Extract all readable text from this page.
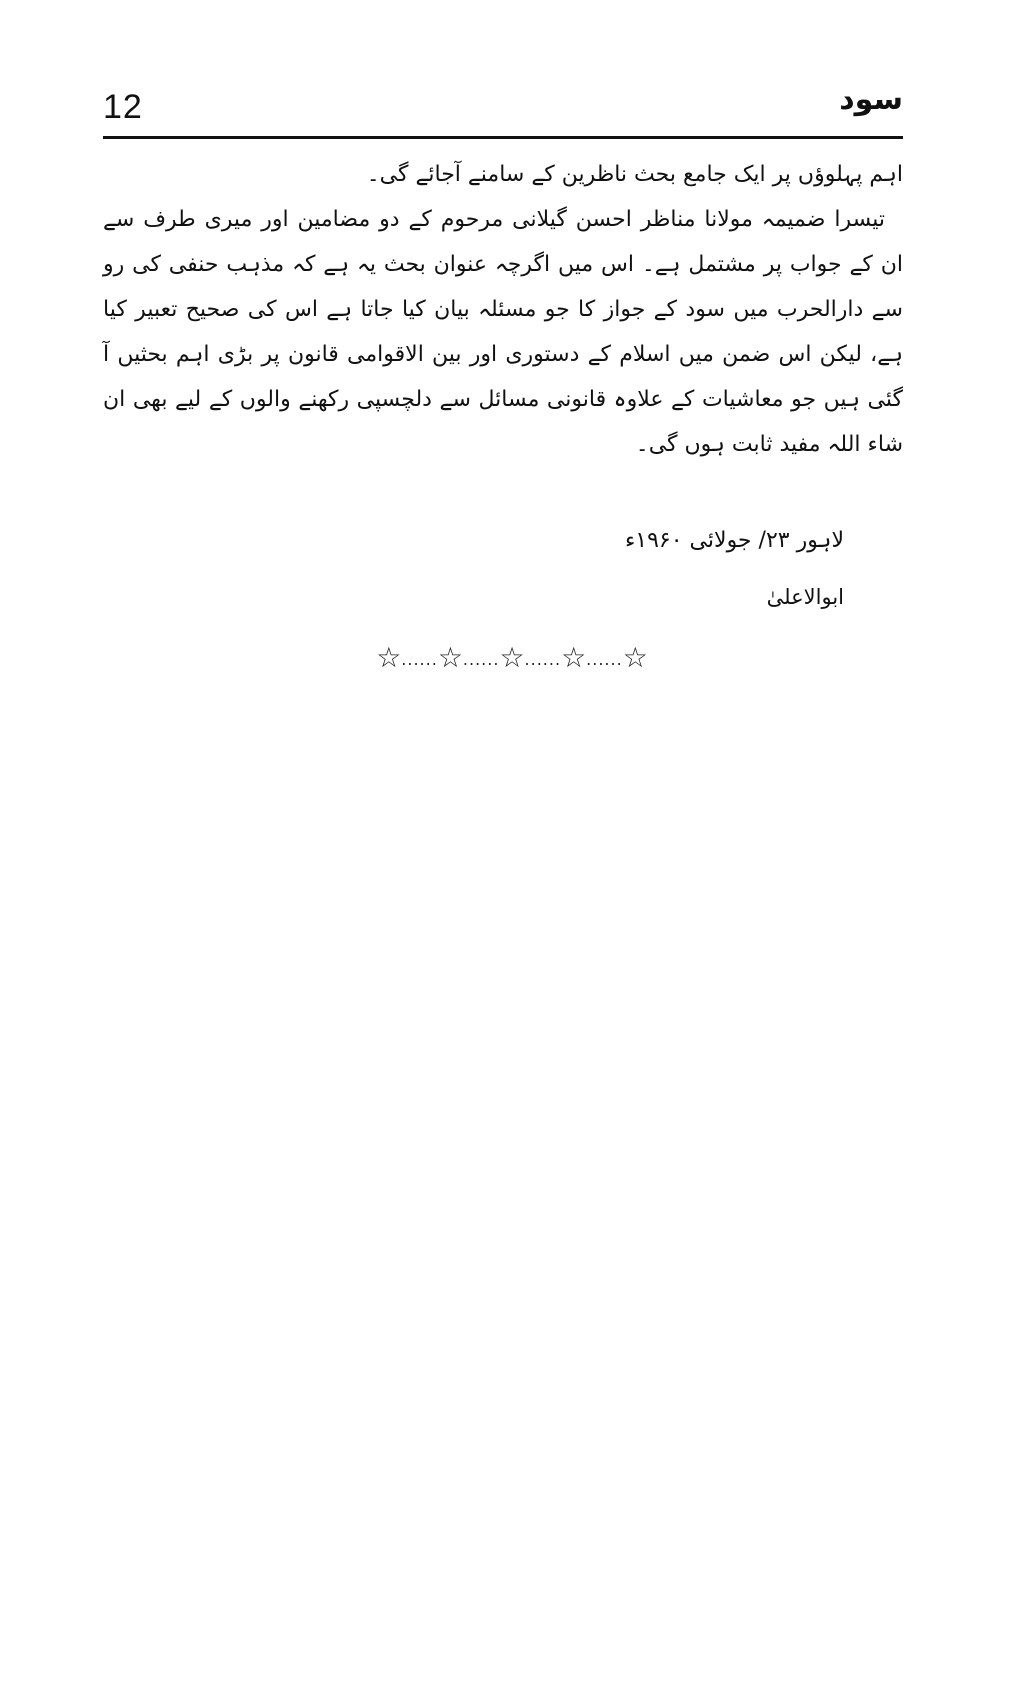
12	سود

اہم پہلوؤں پر ایک جامع بحث ناظرین کے سامنے آجائے گی۔

تیسرا ضمیمہ مولانا مناظر احسن گیلانی مرحوم کے دو مضامین اور میری طرف سے ان کے جواب پر مشتمل ہے۔ اس میں اگرچہ عنوان بحث یہ ہے کہ مذہب حنفی کی رو سے دارالحرب میں سود کے جواز کا جو مسئلہ بیان کیا جاتا ہے اس کی صحیح تعبیر کیا ہے، لیکن اس ضمن میں اسلام کے دستوری اور بین الاقوامی قانون پر بڑی اہم بحثیں آ گئی ہیں جو معاشیات کے علاوہ قانونی مسائل سے دلچسپی رکھنے والوں کے لیے بھی ان شاء اللہ مفید ثابت ہوں گی۔

لاہور ۲۳/ جولائی ۱۹۶۰ء
ابوالاعلیٰ
☆......☆......☆......☆......☆
